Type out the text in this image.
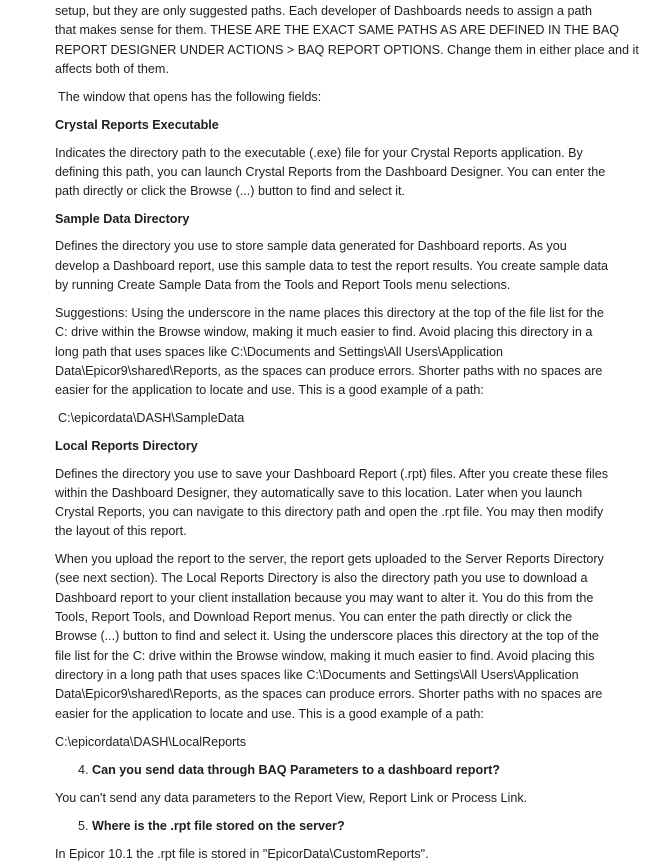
setup, but they are only suggested paths. Each developer of Dashboards needs to assign a path
that makes sense for them. THESE ARE THE EXACT SAME PATHS AS ARE DEFINED IN THE BAQ
REPORT DESIGNER UNDER ACTIONS > BAQ REPORT OPTIONS. Change them in either place and it
affects both of them.
The window that opens has the following fields:
Crystal Reports Executable
Indicates the directory path to the executable (.exe) file for your Crystal Reports application. By
defining this path, you can launch Crystal Reports from the Dashboard Designer. You can enter the
path directly or click the Browse (...) button to find and select it.
Sample Data Directory
Defines the directory you use to store sample data generated for Dashboard reports. As you
develop a Dashboard report, use this sample data to test the report results. You create sample data
by running Create Sample Data from the Tools and Report Tools menu selections.
Suggestions: Using the underscore in the name places this directory at the top of the file list for the
C: drive within the Browse window, making it much easier to find. Avoid placing this directory in a
long path that uses spaces like C:\Documents and Settings\All Users\Application
Data\Epicor9\shared\Reports, as the spaces can produce errors. Shorter paths with no spaces are
easier for the application to locate and use. This is a good example of a path:
C:\epicordata\DASH\SampleData
Local Reports Directory
Defines the directory you use to save your Dashboard Report (.rpt) files. After you create these files
within the Dashboard Designer, they automatically save to this location. Later when you launch
Crystal Reports, you can navigate to this directory path and open the .rpt file. You may then modify
the layout of this report.
When you upload the report to the server, the report gets uploaded to the Server Reports Directory
(see next section). The Local Reports Directory is also the directory path you use to download a
Dashboard report to your client installation because you may want to alter it. You do this from the
Tools, Report Tools, and Download Report menus. You can enter the path directly or click the
Browse (...) button to find and select it. Using the underscore places this directory at the top of the
file list for the C: drive within the Browse window, making it much easier to find. Avoid placing this
directory in a long path that uses spaces like C:\Documents and Settings\All Users\Application
Data\Epicor9\shared\Reports, as the spaces can produce errors. Shorter paths with no spaces are
easier for the application to locate and use. This is a good example of a path:
C:\epicordata\DASH\LocalReports
4. Can you send data through BAQ Parameters to a dashboard report?
You can't send any data parameters to the Report View, Report Link or Process Link.
5. Where is the .rpt file stored on the server?
In Epicor 10.1 the .rpt file is stored in "EpicorData\CustomReports".
